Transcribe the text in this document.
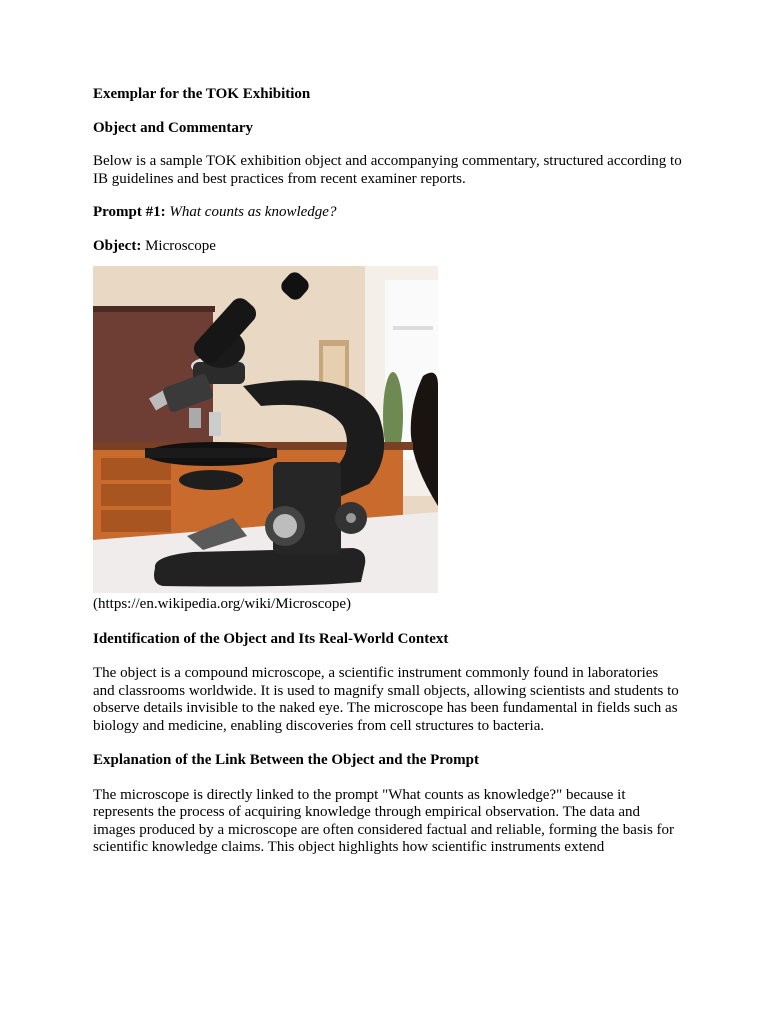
Exemplar for the TOK Exhibition
Object and Commentary

Below is a sample TOK exhibition object and accompanying commentary, structured according to IB guidelines and best practices from recent examiner reports.

Prompt #1: What counts as knowledge?

Object: Microscope

(https://en.wikipedia.org/wiki/Microscope)

Identification of the Object and Its Real-World Context

The object is a compound microscope, a scientific instrument commonly found in laboratories and classrooms worldwide. It is used to magnify small objects, allowing scientists and students to observe details invisible to the naked eye. The microscope has been fundamental in fields such as biology and medicine, enabling discoveries from cell structures to bacteria.

Explanation of the Link Between the Object and the Prompt

The microscope is directly linked to the prompt "What counts as knowledge?" because it represents the process of acquiring knowledge through empirical observation. The data and images produced by a microscope are often considered factual and reliable, forming the basis for scientific knowledge claims. This object highlights how scientific instruments extend
